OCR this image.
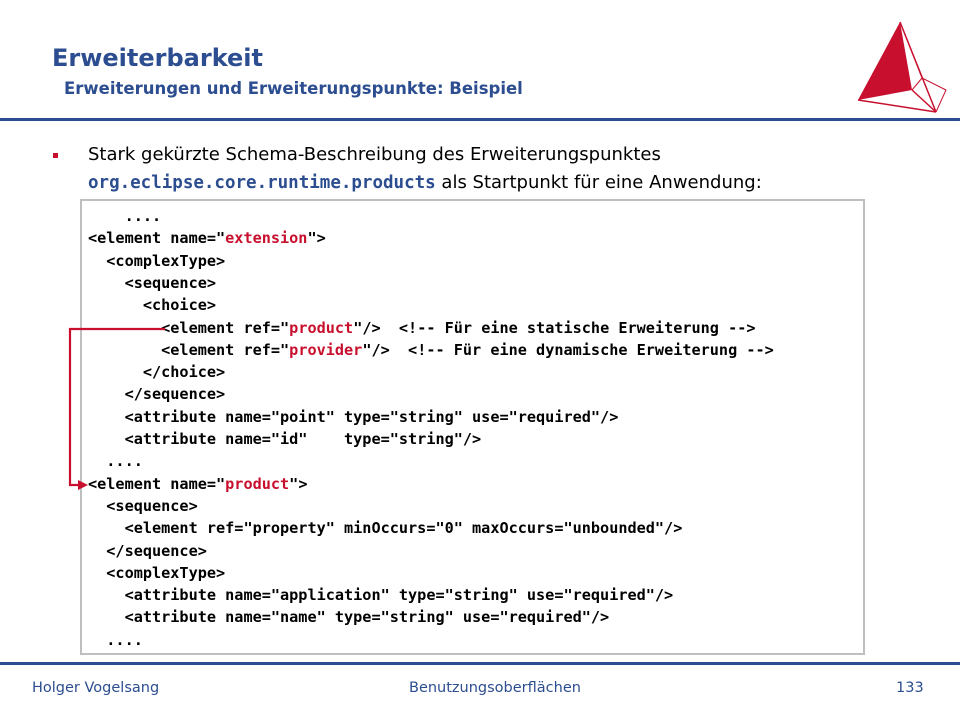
Erweiterbarkeit
Erweiterungen und Erweiterungspunkte: Beispiel
Stark gekürzte Schema-Beschreibung des Erweiterungspunktes
org.eclipse.core.runtime.products als Startpunkt für eine Anwendung:
....
<element name="extension">
<complexType>
<sequence>
<choice>
<element ref="product"/>  <!-- Für eine statische Erweiterung -->
<element ref="provider"/>  <!-- Für eine dynamische Erweiterung -->
</choice>
</sequence>
<attribute name="point" type="string" use="required"/>
<attribute name="id"    type="string"/>
....
<element name="product">
<sequence>
<element ref="property" minOccurs="0" maxOccurs="unbounded"/>
</sequence>
<complexType>
<attribute name="application" type="string" use="required"/>
<attribute name="name" type="string" use="required"/>
....
Holger Vogelsang	Benutzungsoberflächen	133
